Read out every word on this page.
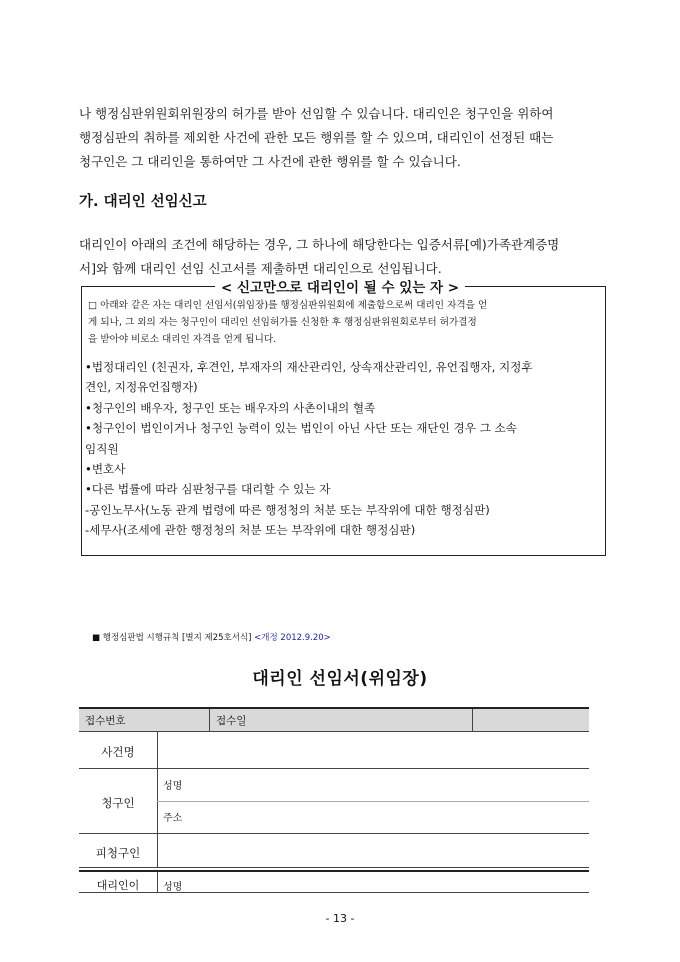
나 행정심판위원회위원장의 허가를 받아 선임할 수 있습니다. 대리인은 청구인을 위하여
행정심판의 취하를 제외한 사건에 관한 모든 행위를 할 수 있으며, 대리인이 선정된 때는
청구인은 그 대리인을 통하여만 그 사건에 관한 행위를 할 수 있습니다.
가. 대리인 선임신고
대리인이 아래의 조건에 해당하는 경우, 그 하나에 해당한다는 입증서류[예)가족관계증명
서]와 함께 대리인 선임 신고서를 제출하면 대리인으로 선임됩니다.
< 신고만으로 대리인이 될 수 있는 자 >
□ 아래와 같은 자는 대리인 선임서(위임장)를 행정심판위원회에 제출함으로써 대리인 자격을 얻
게 되나, 그 외의 자는 청구인이 대리인 선임허가를 신청한 후 행정심판위원회로부터 허가결정
을 받아야 비로소 대리인 자격을 얻게 됩니다.
•법정대리인 (친권자, 후견인, 부재자의 재산관리인, 상속재산관리인, 유언집행자, 지정후
견인, 지정유언집행자)
•청구인의 배우자, 청구인 또는 배우자의 사촌이내의 혈족
•청구인이 법인이거나 청구인 능력이 있는 법인이 아닌 사단 또는 재단인 경우 그 소속
임직원
•변호사
•다른 법률에 따라 심판청구를 대리할 수 있는 자
-공인노무사(노동 관계 법령에 따른 행정청의 처분 또는 부작위에 대한 행정심판)
-세무사(조세에 관한 행정청의 처분 또는 부작위에 대한 행정심판)
■ 행정심판법 시행규칙 [별지 제25호서식] <개정 2012.9.20>
대리인 선임서(위임장)
접수번호	접수일
사건명
청구인
성명
주소
피청구인
대리인이	성명
- 13 -
